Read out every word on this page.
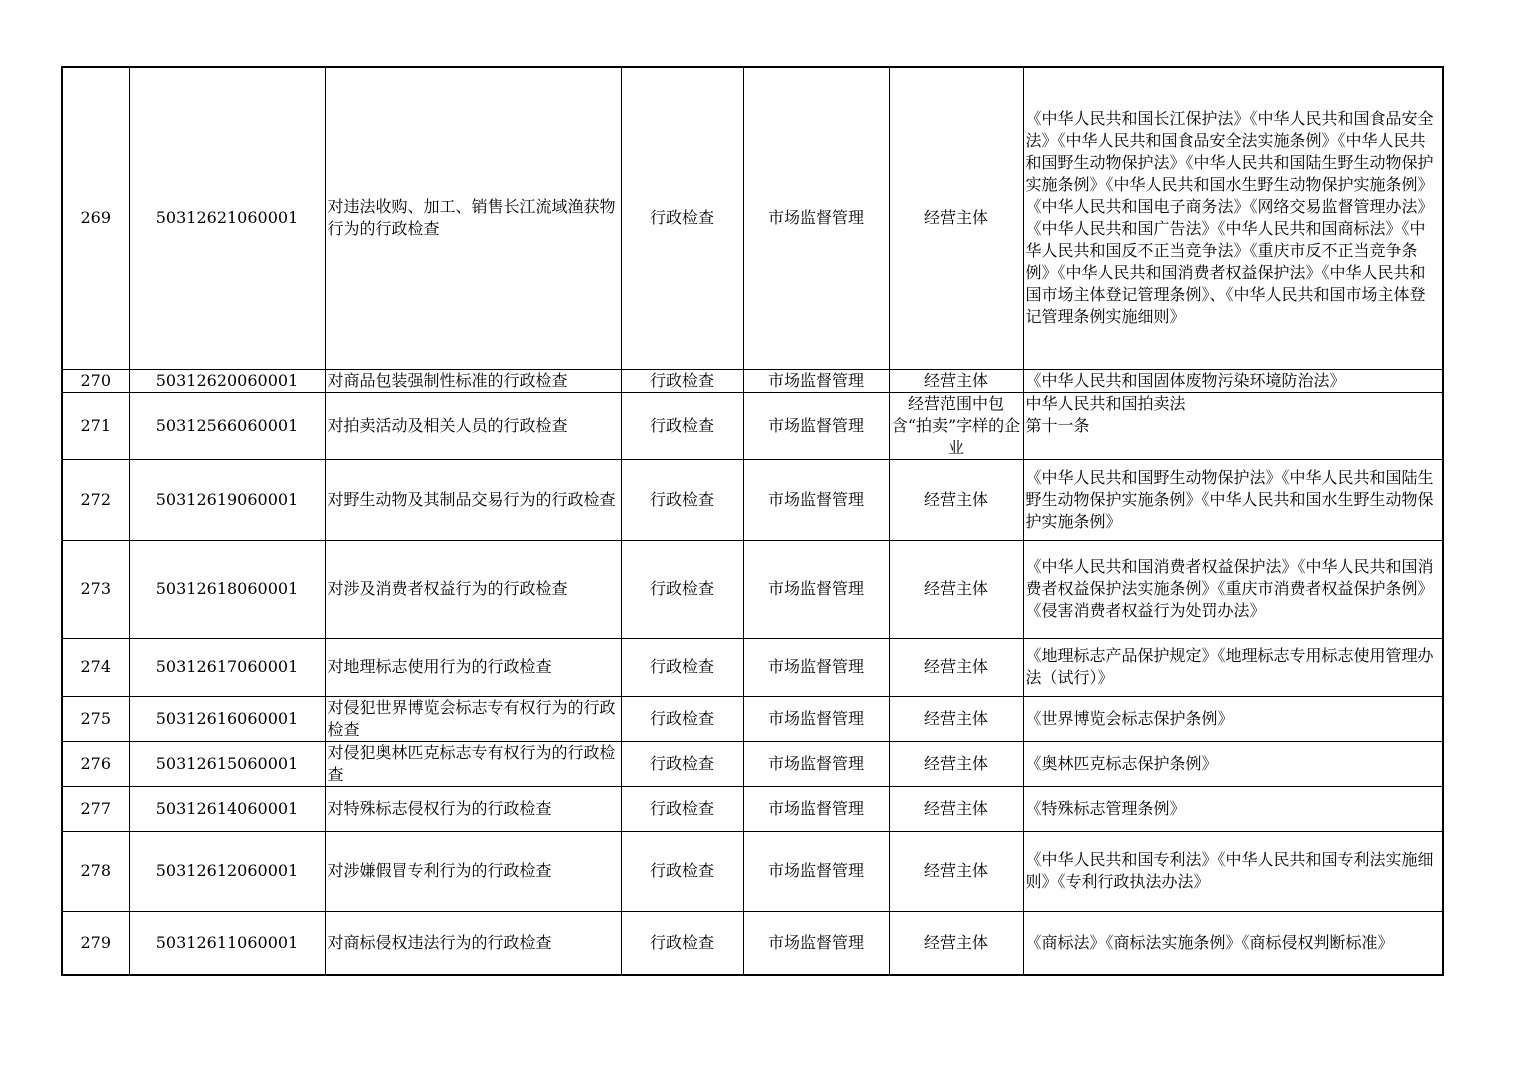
269	50312621060001	对违法收购、加工、销售长江流域渔获物行为的行政检查	行政检查	市场监督管理	经营主体	《中华人民共和国长江保护法》《中华人民共和国食品安全法》《中华人民共和国食品安全法实施条例》《中华人民共和国野生动物保护法》《中华人民共和国陆生野生动物保护实施条例》《中华人民共和国水生野生动物保护实施条例》《中华人民共和国电子商务法》《网络交易监督管理办法》《中华人民共和国广告法》《中华人民共和国商标法》《中华人民共和国反不正当竞争法》《重庆市反不正当竞争条例》《中华人民共和国消费者权益保护法》《中华人民共和国市场主体登记管理条例》、《中华人民共和国市场主体登记管理条例实施细则》
270	50312620060001	对商品包装强制性标准的行政检查	行政检查	市场监督管理	经营主体	《中华人民共和国固体废物污染环境防治法》
271	50312566060001	对拍卖活动及相关人员的行政检查	行政检查	市场监督管理	经营范围中包含“拍卖”字样的企业	中华人民共和国拍卖法
第十一条
272	50312619060001	对野生动物及其制品交易行为的行政检查	行政检查	市场监督管理	经营主体	《中华人民共和国野生动物保护法》《中华人民共和国陆生野生动物保护实施条例》《中华人民共和国水生野生动物保护实施条例》
273	50312618060001	对涉及消费者权益行为的行政检查	行政检查	市场监督管理	经营主体	《中华人民共和国消费者权益保护法》《中华人民共和国消费者权益保护法实施条例》《重庆市消费者权益保护条例》《侵害消费者权益行为处罚办法》
274	50312617060001	对地理标志使用行为的行政检查	行政检查	市场监督管理	经营主体	《地理标志产品保护规定》《地理标志专用标志使用管理办法（试行）》
275	50312616060001	对侵犯世界博览会标志专有权行为的行政检查	行政检查	市场监督管理	经营主体	《世界博览会标志保护条例》
276	50312615060001	对侵犯奥林匹克标志专有权行为的行政检查	行政检查	市场监督管理	经营主体	《奥林匹克标志保护条例》
277	50312614060001	对特殊标志侵权行为的行政检查	行政检查	市场监督管理	经营主体	《特殊标志管理条例》
278	50312612060001	对涉嫌假冒专利行为的行政检查	行政检查	市场监督管理	经营主体	《中华人民共和国专利法》《中华人民共和国专利法实施细则》《专利行政执法办法》
279	50312611060001	对商标侵权违法行为的行政检查	行政检查	市场监督管理	经营主体	《商标法》《商标法实施条例》《商标侵权判断标准》
